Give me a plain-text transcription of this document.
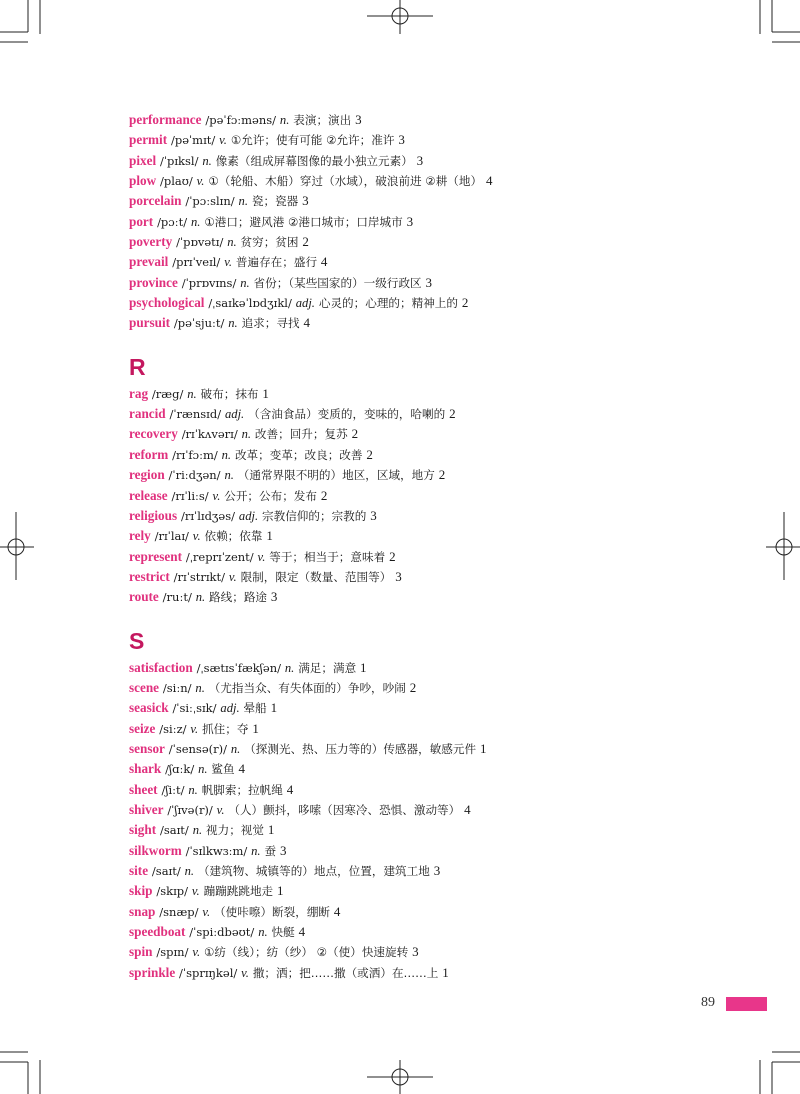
performance /pəˈfɔːməns/ n. 表演；演出 3
permit /pəˈmɪt/ v. ①允许；使有可能 ②允许；准许 3
pixel /ˈpɪksl/ n. 像素（组成屏幕图像的最小独立元素） 3
plow /plaʊ/ v. ①（轮船、木船）穿过（水域），破浪前进 ②耕（地） 4
porcelain /ˈpɔːslɪn/ n. 瓷；瓷器 3
port /pɔːt/ n. ①港口；避风港 ②港口城市；口岸城市 3
poverty /ˈpɒvətɪ/ n. 贫穷；贫困 2
prevail /prɪˈveɪl/ v. 普遍存在；盛行 4
province /ˈprɒvɪns/ n. 省份；（某些国家的）一级行政区 3
psychological /ˌsaɪkəˈlɒdʒɪkl/ adj. 心灵的；心理的；精神上的 2
pursuit /pəˈsjuːt/ n. 追求；寻找 4
R
rag /ræg/ n. 破布；抹布 1
rancid /ˈrænsɪd/ adj. （含油食品）变质的，变味的，哈喇的 2
recovery /rɪˈkʌvərɪ/ n. 改善；回升；复苏 2
reform /rɪˈfɔːm/ n. 改革；变革；改良；改善 2
region /ˈriːdʒən/ n. （通常界限不明的）地区，区域，地方 2
release /rɪˈliːs/ v. 公开；公布；发布 2
religious /rɪˈlɪdʒəs/ adj. 宗教信仰的；宗教的 3
rely /rɪˈlaɪ/ v. 依赖；依靠 1
represent /ˌreprɪˈzent/ v. 等于；相当于；意味着 2
restrict /rɪˈstrɪkt/ v. 限制，限定（数量、范围等） 3
route /ruːt/ n. 路线；路途 3
S
satisfaction /ˌsætɪsˈfækʃən/ n. 满足；满意 1
scene /siːn/ n. （尤指当众、有失体面的）争吵，吵闹 2
seasick /ˈsiːˌsɪk/ adj. 晕船 1
seize /siːz/ v. 抓住；夺 1
sensor /ˈsensə(r)/ n. （探测光、热、压力等的）传感器，敏感元件 1
shark /ʃɑːk/ n. 鲨鱼 4
sheet /ʃiːt/ n. 帆脚索；拉帆绳 4
shiver /ˈʃɪvə(r)/ v. （人）颤抖，哆嗦（因寒冷、恐惧、激动等） 4
sight /saɪt/ n. 视力；视觉 1
silkworm /ˈsɪlkwɜːm/ n. 蚕 3
site /saɪt/ n. （建筑物、城镇等的）地点，位置，建筑工地 3
skip /skɪp/ v. 蹦蹦跳跳地走 1
snap /snæp/ v. （使咔嚓）断裂，绷断 4
speedboat /ˈspiːdbəʊt/ n. 快艇 4
spin /spɪn/ v. ①纺（线）；纺（纱） ②（使）快速旋转 3
sprinkle /ˈsprɪŋkəl/ v. 撒；洒；把……撒（或洒）在……上 1
89
